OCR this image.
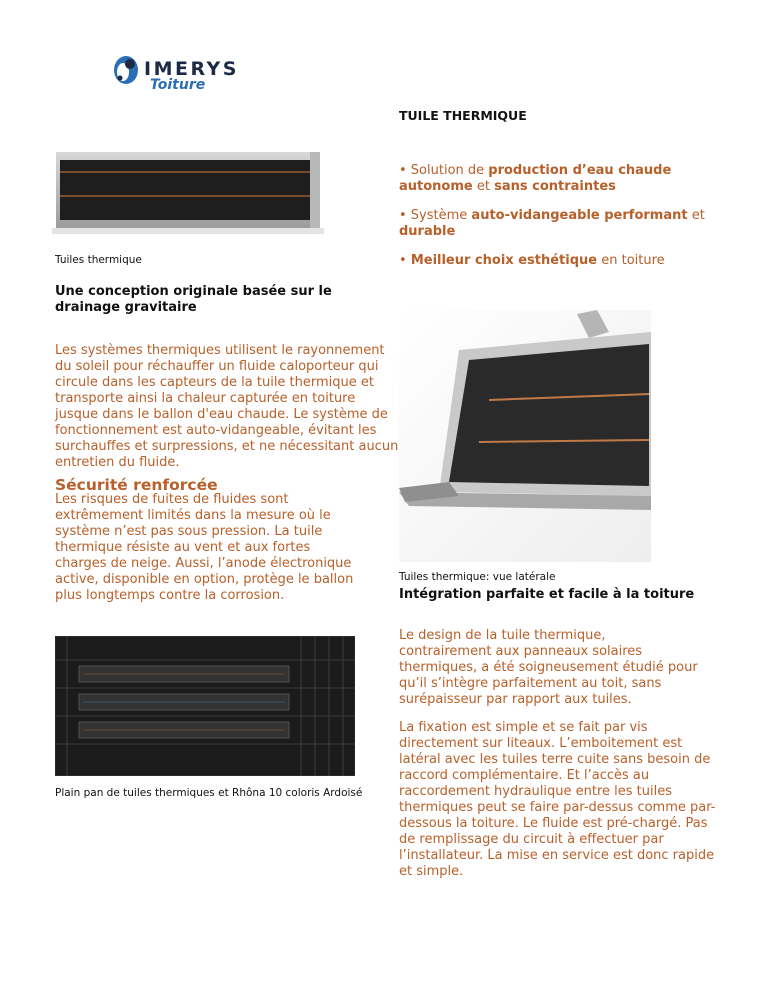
IMERYS
Toiture
TUILE THERMIQUE
Tuiles thermique
• Solution de production d’eau chaude autonome et sans contraintes
• Système auto-vidangeable performant et durable
• Meilleur choix esthétique en toiture
Une conception originale basée sur le drainage gravitaire
Les systèmes thermiques utilisent le rayonnement du soleil pour réchauffer un fluide caloporteur qui circule dans les capteurs de la tuile thermique et transporte ainsi la chaleur capturée en toiture jusque dans le ballon d'eau chaude. Le système de fonctionnement est auto-vidangeable, évitant les surchauffes et surpressions, et ne nécessitant aucun entretien du fluide.
Sécurité renforcée
Les risques de fuites de fluides sont extrêmement limités dans la mesure où le système n’est pas sous pression. La tuile thermique résiste au vent et aux fortes charges de neige. Aussi, l’anode électronique active, disponible en option, protège le ballon plus longtemps contre la corrosion.
Tuiles thermique: vue latérale
Intégration parfaite et facile à la toiture
Le design de la tuile thermique, contrairement aux panneaux solaires thermiques, a été soigneusement étudié pour qu’il s’intègre parfaitement au toit, sans surépaisseur par rapport aux tuiles.
La fixation est simple et se fait par vis directement sur liteaux. L’emboitement est latéral avec les tuiles terre cuite sans besoin de raccord complémentaire. Et l’accès au raccordement hydraulique entre les tuiles thermiques peut se faire par-dessus comme par-dessous la toiture. Le fluide est pré-chargé. Pas de remplissage du circuit à effectuer par l’installateur. La mise en service est donc rapide et simple.
Plain pan de tuiles thermiques et Rhôna 10 coloris Ardoisé
